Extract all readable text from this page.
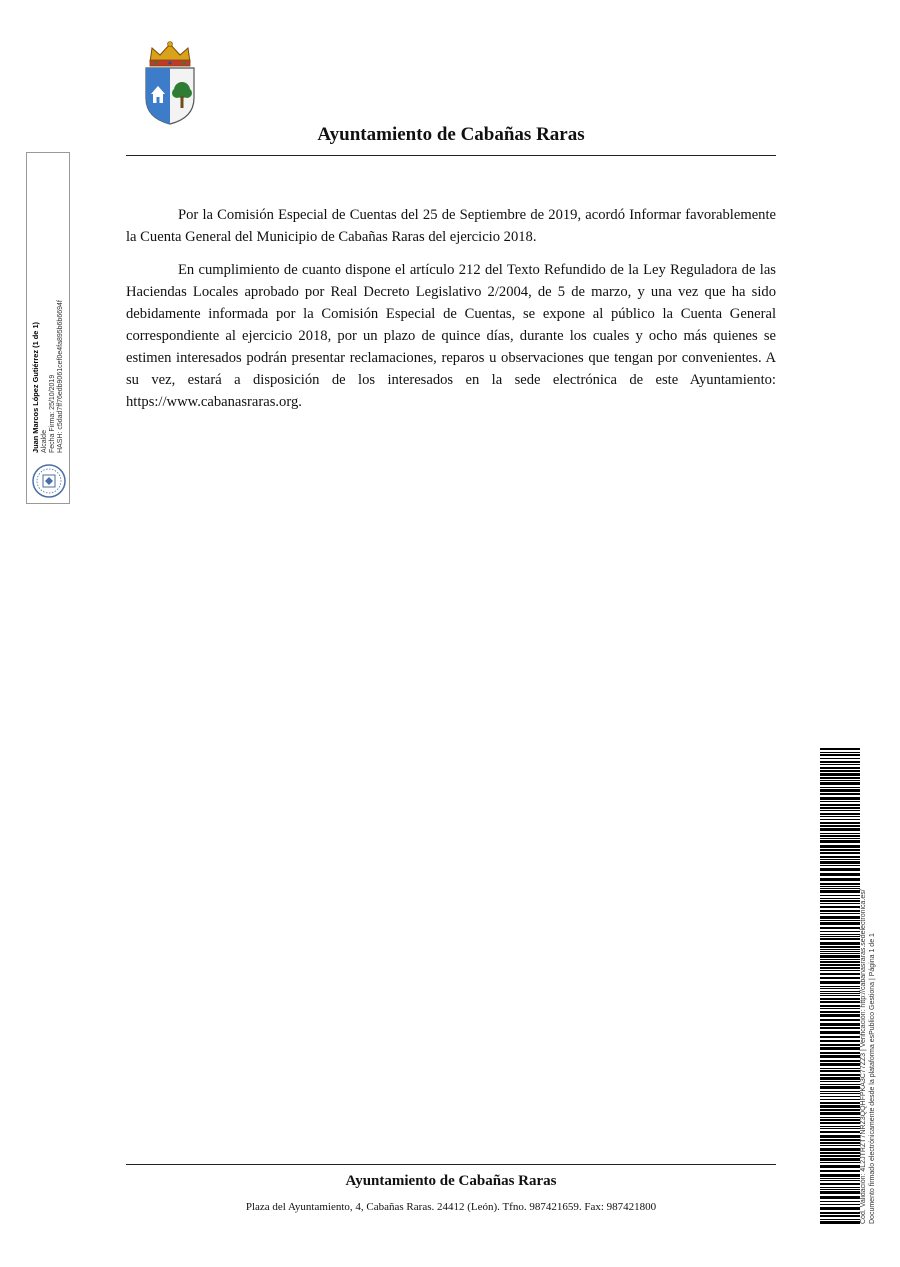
Ayuntamiento de Cabañas Raras

Por la Comisión Especial de Cuentas del 25 de Septiembre de 2019, acordó Informar favorablemente la Cuenta General del Municipio de Cabañas Raras del ejercicio 2018.

En cumplimiento de cuanto dispone el artículo 212 del Texto Refundido de la Ley Reguladora de las Haciendas Locales aprobado por Real Decreto Legislativo 2/2004, de 5 de marzo, y una vez que ha sido debidamente informada por la Comisión Especial de Cuentas, se expone al público la Cuenta General correspondiente al ejercicio 2018, por un plazo de quince días, durante los cuales y ocho más quienes se estimen interesados podrán presentar reclamaciones, reparos u observaciones que tengan por convenientes. A su vez, estará a disposición de los interesados en la sede electrónica de este Ayuntamiento: https://www.cabanasraras.org.

Juan Marcos López Gutiérrez (1 de 1) Alcalde Fecha Firma: 25/10/2019 HASH: c5dad7ff76edb9061cef0e4fa895b6b6694f
Cód. Validación: 4L2JTRZT7NRZ3QQHFPKA3C77ZZ3 | Verificación: http://cabanasraras.sedelectronica.es/ Documento firmado electrónicamente desde la plataforma esPublico Gestiona | Página 1 de 1
Ayuntamiento de Cabañas Raras
Plaza del Ayuntamiento, 4, Cabañas Raras. 24412 (León). Tfno. 987421659. Fax: 987421800
